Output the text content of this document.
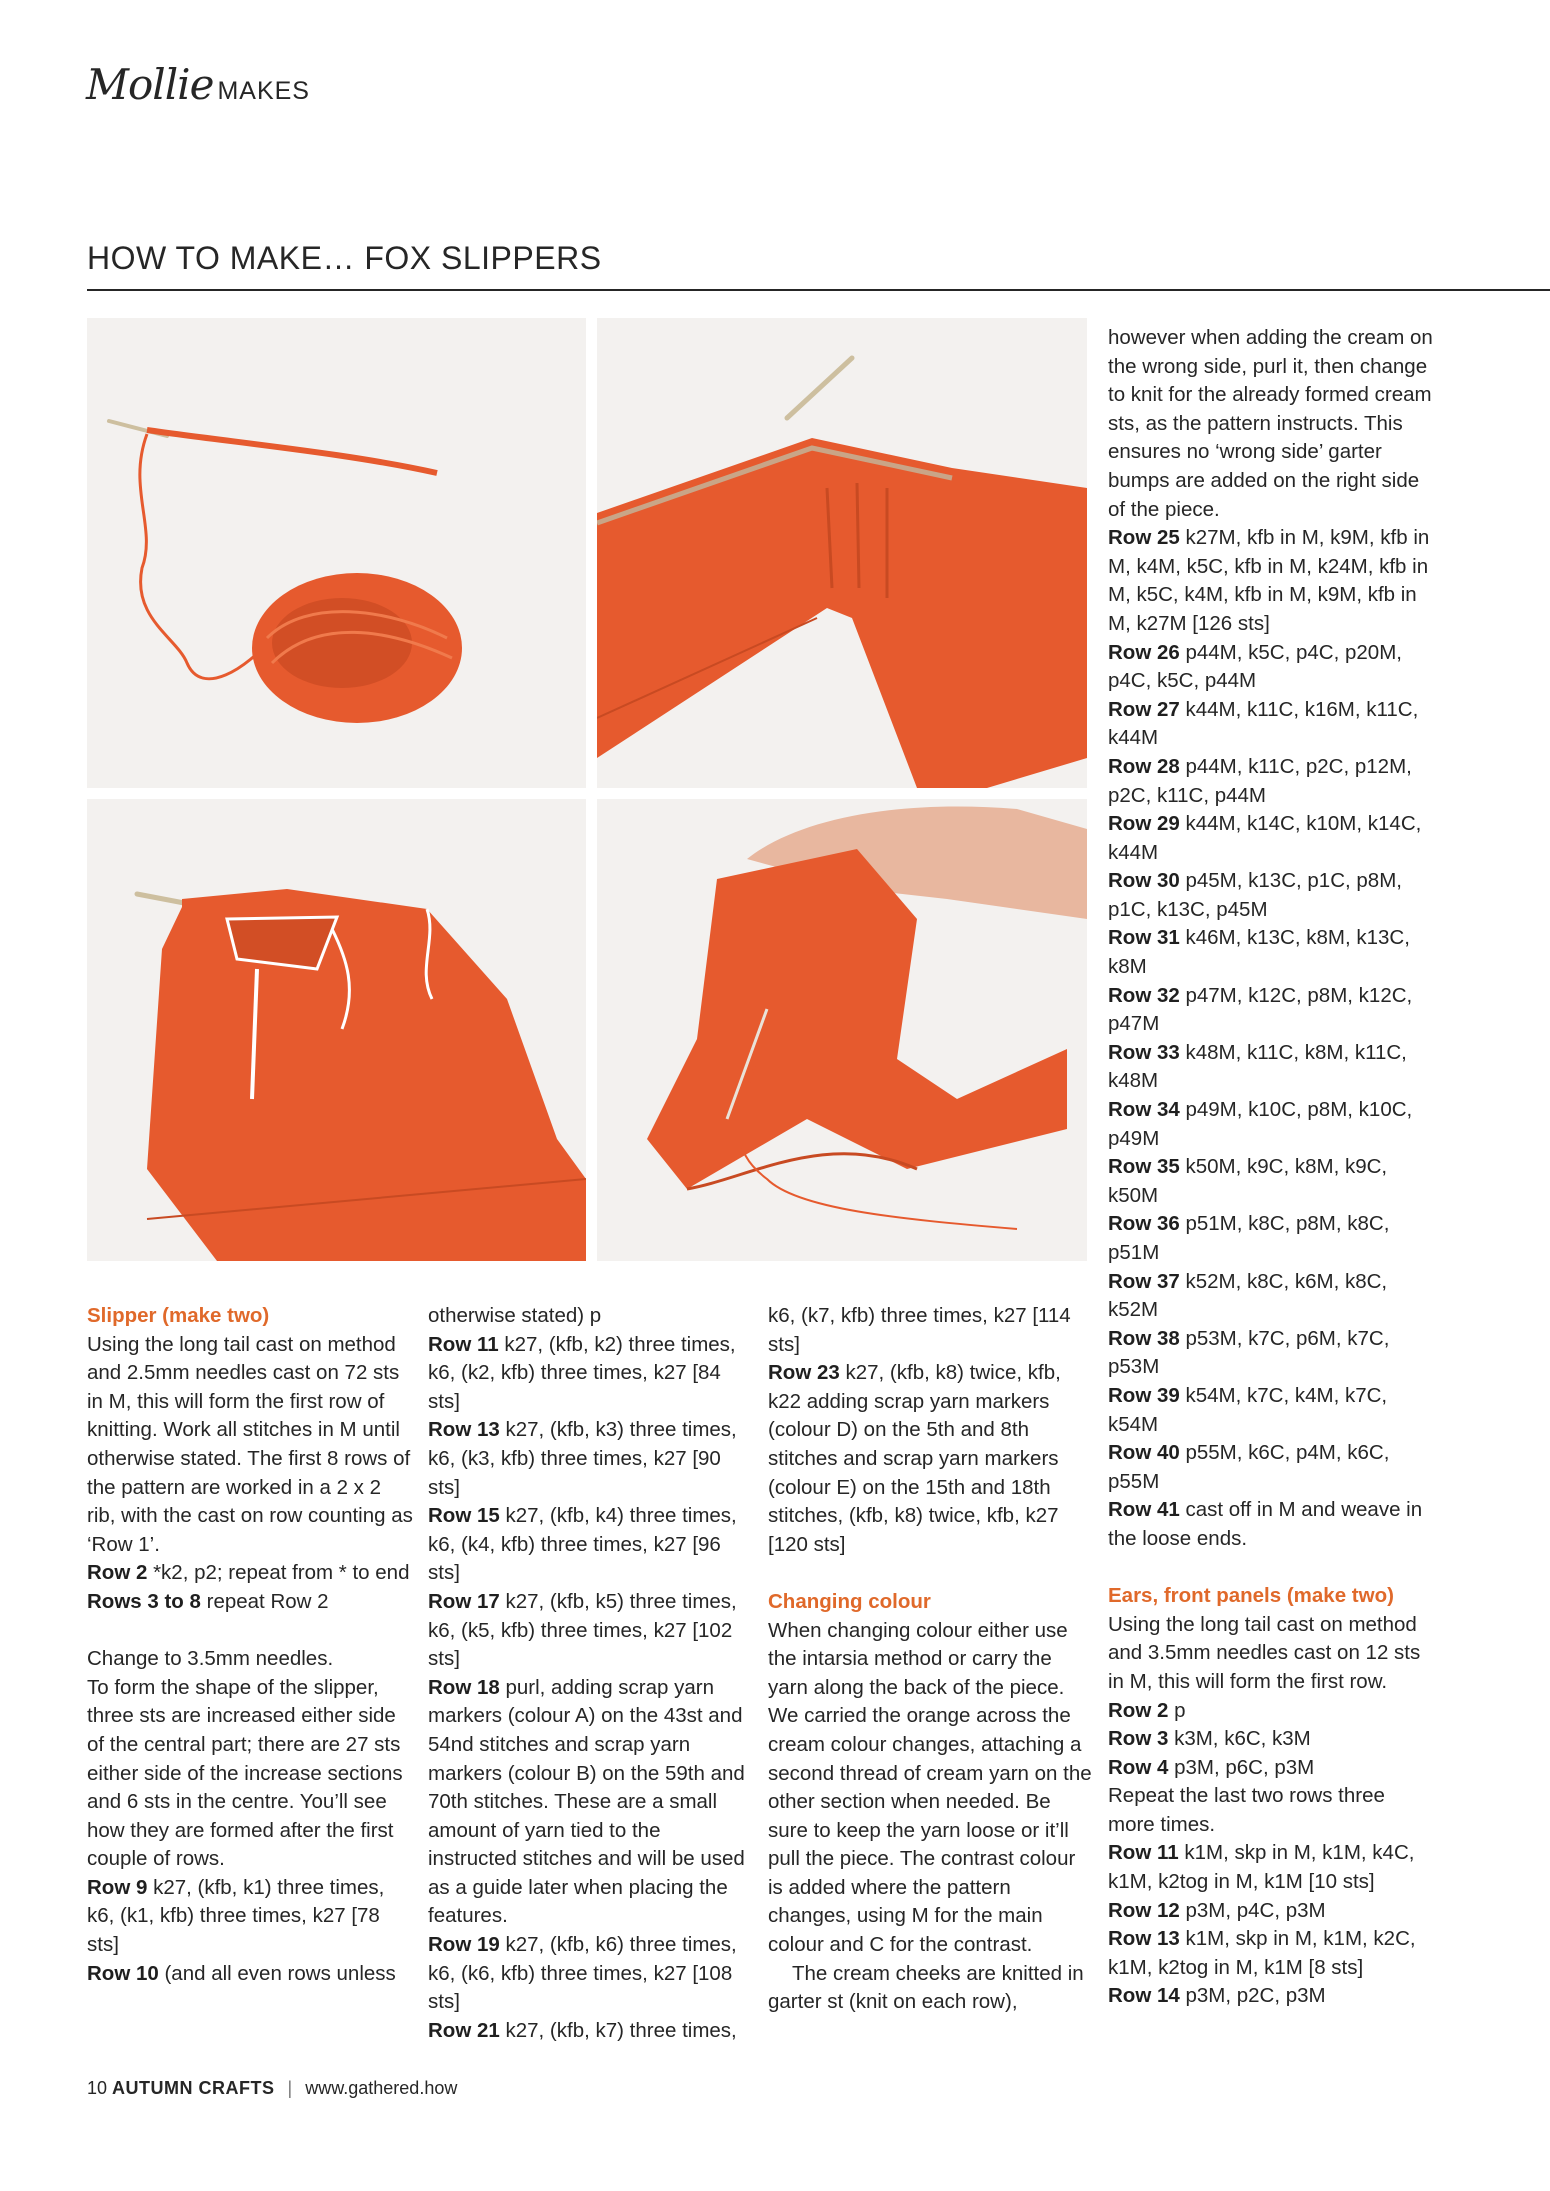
Mollie MAKES
HOW TO MAKE… FOX SLIPPERS

Slipper (make two)

Using the long tail cast on method and 2.5mm needles cast on 72 sts in M, this will form the first row of knitting. Work all stitches in M until otherwise stated. The first 8 rows of the pattern are worked in a 2 x 2 rib, with the cast on row counting as ‘Row 1’.

Row 2 *k2, p2; repeat from * to end

Rows 3 to 8 repeat Row 2

Change to 3.5mm needles.

To form the shape of the slipper, three sts are increased either side of the central part; there are 27 sts either side of the increase sections and 6 sts in the centre. You’ll see how they are formed after the first couple of rows.

Row 9 k27, (kfb, k1) three times, k6, (k1, kfb) three times, k27 [78 sts]

Row 10 (and all even rows unless

otherwise stated) p

Row 11 k27, (kfb, k2) three times, k6, (k2, kfb) three times, k27 [84 sts]

Row 13 k27, (kfb, k3) three times, k6, (k3, kfb) three times, k27 [90 sts]

Row 15 k27, (kfb, k4) three times, k6, (k4, kfb) three times, k27 [96 sts]

Row 17 k27, (kfb, k5) three times, k6, (k5, kfb) three times, k27 [102 sts]

Row 18 purl, adding scrap yarn markers (colour A) on the 43st and 54nd stitches and scrap yarn markers (colour B) on the 59th and 70th stitches. These are a small amount of yarn tied to the instructed stitches and will be used as a guide later when placing the features.

Row 19 k27, (kfb, k6) three times, k6, (k6, kfb) three times, k27 [108 sts]

Row 21 k27, (kfb, k7) three times,

k6, (k7, kfb) three times, k27 [114 sts]

Row 23 k27, (kfb, k8) twice, kfb, k22 adding scrap yarn markers (colour D) on the 5th and 8th stitches and scrap yarn markers (colour E) on the 15th and 18th stitches, (kfb, k8) twice, kfb, k27 [120 sts]

Changing colour

When changing colour either use the intarsia method or carry the yarn along the back of the piece. We carried the orange across the cream colour changes, attaching a second thread of cream yarn on the other section when needed. Be sure to keep the yarn loose or it’ll pull the piece. The contrast colour is added where the pattern changes, using M for the main colour and C for the contrast.

The cream cheeks are knitted in garter st (knit on each row),

however when adding the cream on the wrong side, purl it, then change to knit for the already formed cream sts, as the pattern instructs. This ensures no ‘wrong side’ garter bumps are added on the right side of the piece.

Row 25 k27M, kfb in M, k9M, kfb in M, k4M, k5C, kfb in M, k24M, kfb in M, k5C, k4M, kfb in M, k9M, kfb in M, k27M [126 sts]

Row 26 p44M, k5C, p4C, p20M, p4C, k5C, p44M

Row 27 k44M, k11C, k16M, k11C, k44M

Row 28 p44M, k11C, p2C, p12M, p2C, k11C, p44M

Row 29 k44M, k14C, k10M, k14C, k44M

Row 30 p45M, k13C, p1C, p8M, p1C, k13C, p45M

Row 31 k46M, k13C, k8M, k13C, k8M

Row 32 p47M, k12C, p8M, k12C, p47M

Row 33 k48M, k11C, k8M, k11C, k48M

Row 34 p49M, k10C, p8M, k10C, p49M

Row 35 k50M, k9C, k8M, k9C, k50M

Row 36 p51M, k8C, p8M, k8C, p51M

Row 37 k52M, k8C, k6M, k8C, k52M

Row 38 p53M, k7C, p6M, k7C, p53M

Row 39 k54M, k7C, k4M, k7C, k54M

Row 40 p55M, k6C, p4M, k6C, p55M

Row 41 cast off in M and weave in the loose ends.

Ears, front panels (make two)

Using the long tail cast on method and 3.5mm needles cast on 12 sts in M, this will form the first row.

Row 2 p

Row 3 k3M, k6C, k3M

Row 4 p3M, p6C, p3M

Repeat the last two rows three more times.

Row 11 k1M, skp in M, k1M, k4C, k1M, k2tog in M, k1M [10 sts]

Row 12 p3M, p4C, p3M

Row 13 k1M, skp in M, k1M, k2C, k1M, k2tog in M, k1M [8 sts]

Row 14 p3M, p2C, p3M

10 AUTUMN CRAFTS | www.gathered.how
